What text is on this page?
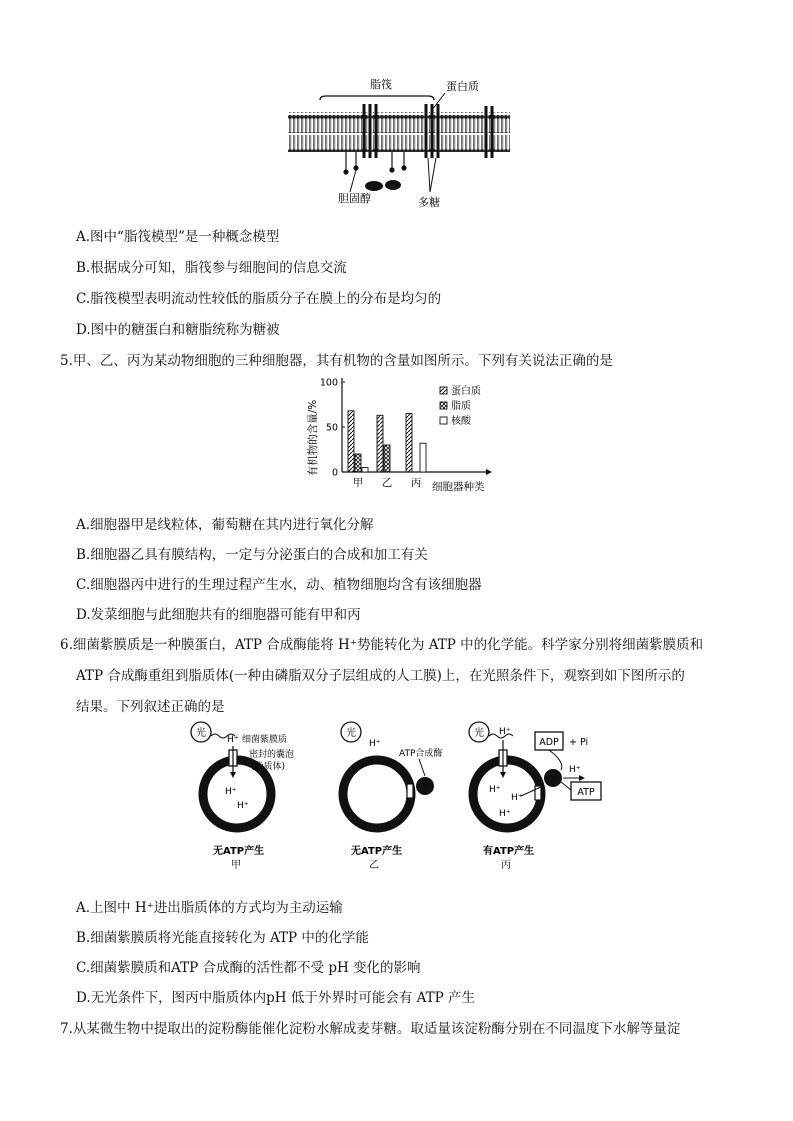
脂筏	蛋白质
胆固醇	多糖
A.图中“脂筏模型”是一种概念模型
B.根据成分可知，脂筏参与细胞间的信息交流
C.脂筏模型表明流动性较低的脂质分子在膜上的分布是均匀的
D.图中的糖蛋白和糖脂统称为糖被
5.甲、乙、丙为某动物细胞的三种细胞器，其有机物的含量如图所示。下列有关说法正确的是
有机物的含量/%
100
50
0
甲 乙 丙 细胞器种类
蛋白质
脂质
核酸
A.细胞器甲是线粒体，葡萄糖在其内进行氧化分解
B.细胞器乙具有膜结构，一定与分泌蛋白的合成和加工有关
C.细胞器丙中进行的生理过程产生水，动、植物细胞均含有该细胞器
D.发菜细胞与此细胞共有的细胞器可能有甲和丙
6.细菌紫膜质是一种膜蛋白，ATP 合成酶能将 H⁺势能转化为 ATP 中的化学能。科学家分别将细菌紫膜质和
ATP 合成酶重组到脂质体(一种由磷脂双分子层组成的人工膜)上，在光照条件下，观察到如下图所示的
结果。下列叙述正确的是
光
H⁺ 细菌紫膜质
密封的囊泡
(脂质体)
H⁺
H⁺
无ATP产生
甲
光
H⁺
ATP合成酶
无ATP产生
乙
光 H⁺
H⁺
H⁺
H⁺
ADP + Pi
H⁺
ATP
有ATP产生
丙
A.上图中 H⁺进出脂质体的方式均为主动运输
B.细菌紫膜质将光能直接转化为 ATP 中的化学能
C.细菌紫膜质和ATP 合成酶的活性都不受 pH 变化的影响
D.无光条件下，图丙中脂质体内pH 低于外界时可能会有 ATP 产生
7.从某微生物中提取出的淀粉酶能催化淀粉水解成麦芽糖。取适量该淀粉酶分别在不同温度下水解等量淀
